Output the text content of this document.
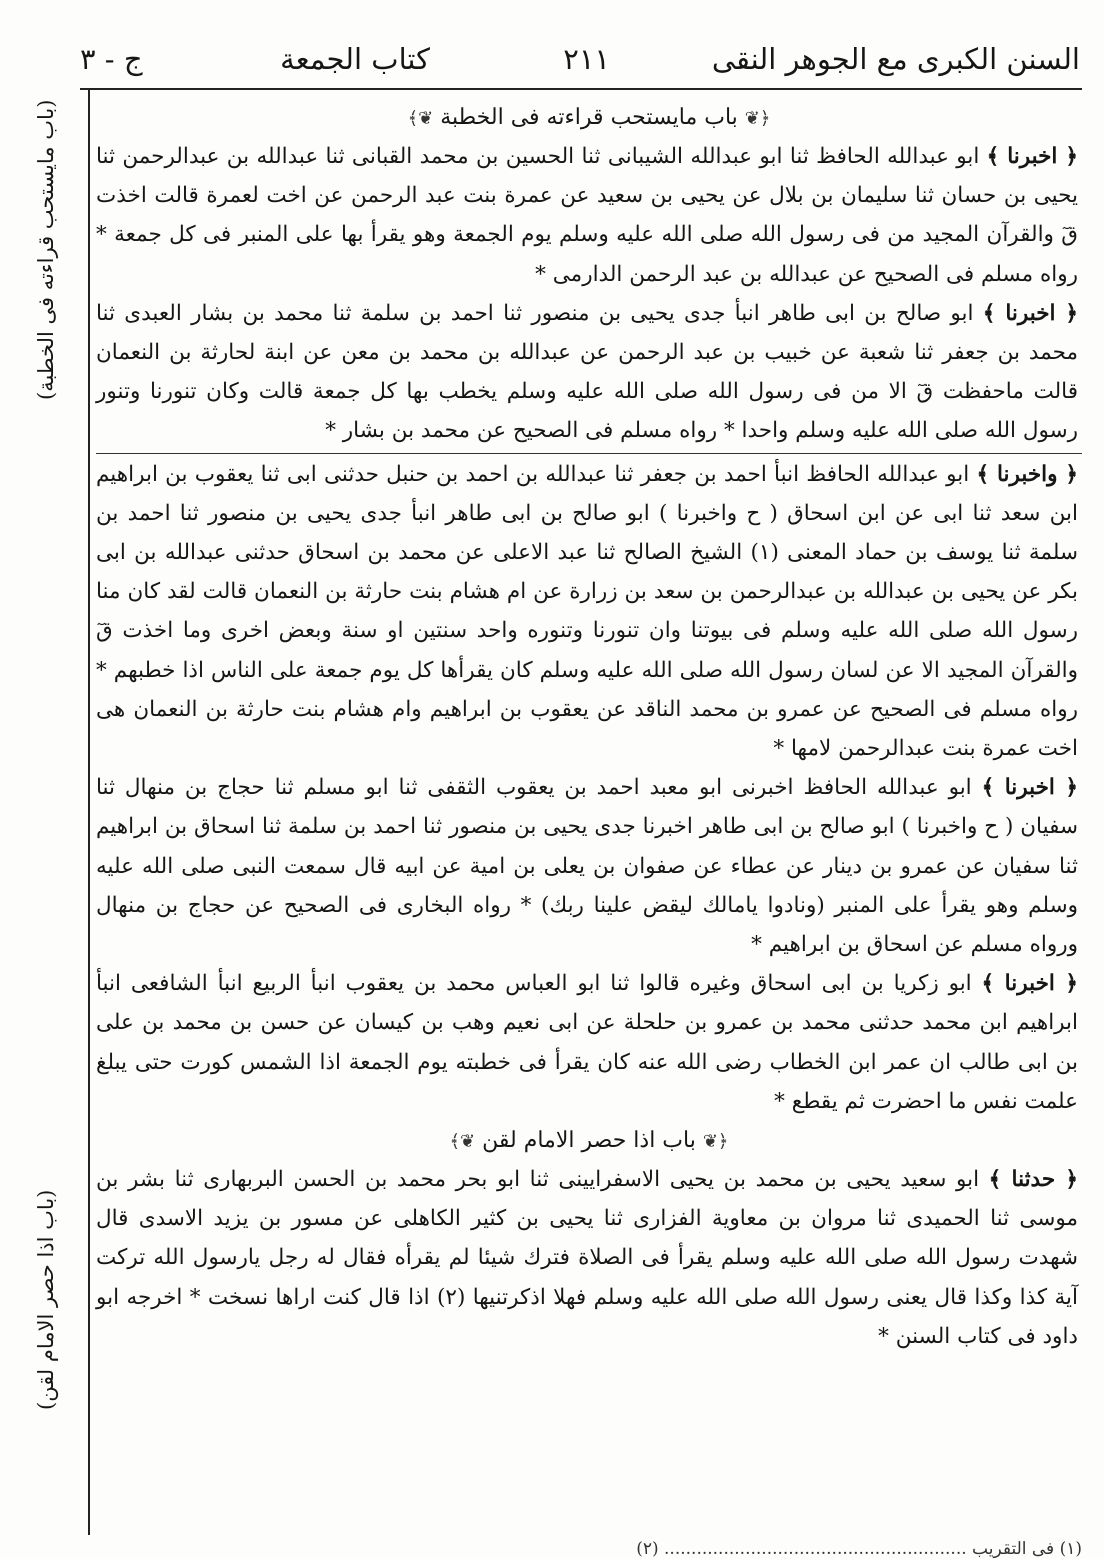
السنن الكبرى مع الجوهر النقى
٢١١
كتاب الجمعة
ج - ٣
(باب مايستحب قراءته فى الخطبة)
(باب اذا حصر الامام لقن)
﴿❦ باب مايستحب قراءته فى الخطبة ❦﴾

﴿ اخبرنا ﴾ ابو عبدالله الحافظ ثنا ابو عبدالله الشيبانى ثنا الحسين بن محمد القبانى ثنا عبدالله بن عبدالرحمن ثنا يحيى بن حسان ثنا سليمان بن بلال عن يحيى بن سعيد عن عمرة بنت عبد الرحمن عن اخت لعمرة قالت اخذت قٓ والقرآن المجيد من فى رسول الله صلى الله عليه وسلم يوم الجمعة وهو يقرأ بها على المنبر فى كل جمعة * رواه مسلم فى الصحيح عن عبدالله بن عبد الرحمن الدارمى *

﴿ اخبرنا ﴾ ابو صالح بن ابى طاهر انبأ جدى يحيى بن منصور ثنا احمد بن سلمة ثنا محمد بن بشار العبدى ثنا محمد بن جعفر ثنا شعبة عن خبيب بن عبد الرحمن عن عبدالله بن محمد بن معن عن ابنة لحارثة بن النعمان قالت ماحفظت قٓ الا من فى رسول الله صلى الله عليه وسلم يخطب بها كل جمعة قالت وكان تنورنا وتنور رسول الله صلى الله عليه وسلم واحدا * رواه مسلم فى الصحيح عن محمد بن بشار *

﴿ واخبرنا ﴾ ابو عبدالله الحافظ انبأ احمد بن جعفر ثنا عبدالله بن احمد بن حنبل حدثنى ابى ثنا يعقوب بن ابراهيم ابن سعد ثنا ابى عن ابن اسحاق ( ح واخبرنا ) ابو صالح بن ابى طاهر انبأ جدى يحيى بن منصور ثنا احمد بن سلمة ثنا يوسف بن حماد المعنى (١) الشيخ الصالح ثنا عبد الاعلى عن محمد بن اسحاق حدثنى عبدالله بن ابى بكر عن يحيى بن عبدالله بن عبدالرحمن بن سعد بن زرارة عن ام هشام بنت حارثة بن النعمان قالت لقد كان منا رسول الله صلى الله عليه وسلم فى بيوتنا وان تنورنا وتنوره واحد سنتين او سنة وبعض اخرى وما اخذت قٓ والقرآن المجيد الا عن لسان رسول الله صلى الله عليه وسلم كان يقرأها كل يوم جمعة على الناس اذا خطبهم * رواه مسلم فى الصحيح عن عمرو بن محمد الناقد عن يعقوب بن ابراهيم وام هشام بنت حارثة بن النعمان هى اخت عمرة بنت عبدالرحمن لامها *

﴿ اخبرنا ﴾ ابو عبدالله الحافظ اخبرنى ابو معبد احمد بن يعقوب الثقفى ثنا ابو مسلم ثنا حجاج بن منهال ثنا سفيان ( ح واخبرنا ) ابو صالح بن ابى طاهر اخبرنا جدى يحيى بن منصور ثنا احمد بن سلمة ثنا اسحاق بن ابراهيم ثنا سفيان عن عمرو بن دينار عن عطاء عن صفوان بن يعلى بن امية عن ابيه قال سمعت النبى صلى الله عليه وسلم وهو يقرأ على المنبر (ونادوا يامالك ليقض علينا ربك) * رواه البخارى فى الصحيح عن حجاج بن منهال ورواه مسلم عن اسحاق بن ابراهيم *

﴿ اخبرنا ﴾ ابو زكريا بن ابى اسحاق وغيره قالوا ثنا ابو العباس محمد بن يعقوب انبأ الربيع انبأ الشافعى انبأ ابراهيم ابن محمد حدثنى محمد بن عمرو بن حلحلة عن ابى نعيم وهب بن كيسان عن حسن بن محمد بن على بن ابى طالب ان عمر ابن الخطاب رضى الله عنه كان يقرأ فى خطبته يوم الجمعة اذا الشمس كورت حتى يبلغ علمت نفس ما احضرت ثم يقطع *

﴿❦ باب اذا حصر الامام لقن ❦﴾

﴿ حدثنا ﴾ ابو سعيد يحيى بن محمد بن يحيى الاسفرايينى ثنا ابو بحر محمد بن الحسن البربهارى ثنا بشر بن موسى ثنا الحميدى ثنا مروان بن معاوية الفزارى ثنا يحيى بن كثير الكاهلى عن مسور بن يزيد الاسدى قال شهدت رسول الله صلى الله عليه وسلم يقرأ فى الصلاة فترك شيئا لم يقرأه فقال له رجل يارسول الله تركت آية كذا وكذا قال يعنى رسول الله صلى الله عليه وسلم فهلا اذكرتنيها (٢) اذا قال كنت اراها نسخت * اخرجه ابو داود فى كتاب السنن *

(١) فى التقريب ........................................................ (٢)
